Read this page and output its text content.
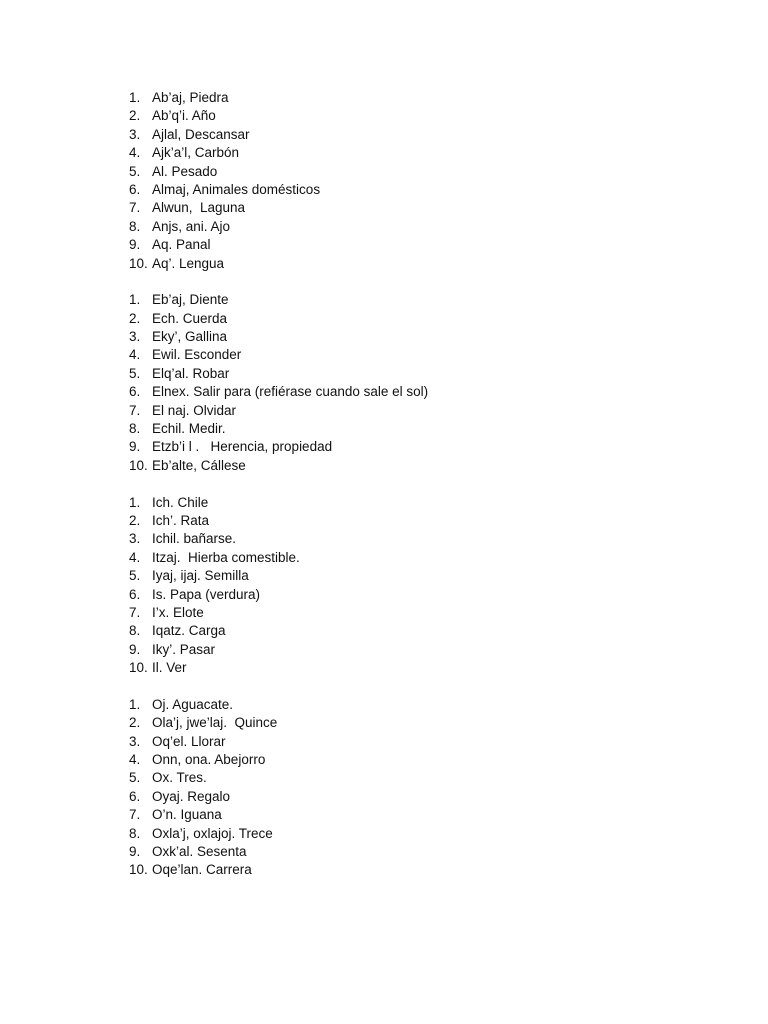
1. Ab’aj, Piedra
2. Ab’q’i. Año
3. Ajlal, Descansar
4. Ajk’a’l, Carbón
5. Al. Pesado
6. Almaj, Animales domésticos
7. Alwun,  Laguna
8. Anjs, ani. Ajo
9. Aq. Panal
10. Aq’. Lengua
1. Eb’aj, Diente
2. Ech. Cuerda
3. Eky’, Gallina
4. Ewil. Esconder
5. Elq’al. Robar
6. Elnex. Salir para (refiérase cuando sale el sol)
7. El naj. Olvidar
8. Echil. Medir.
9. Etzb’i l .   Herencia, propiedad
10. Eb’alte, Cállese
1. Ich. Chile
2. Ich’. Rata
3. Ichil. bañarse.
4. Itzaj.  Hierba comestible.
5. Iyaj, ijaj. Semilla
6. Is. Papa (verdura)
7. I’x. Elote
8. Iqatz. Carga
9. Iky’. Pasar
10. Il. Ver
1. Oj. Aguacate.
2. Ola’j, jwe’laj.  Quince
3. Oq’el. Llorar
4. Onn, ona. Abejorro
5. Ox. Tres.
6. Oyaj. Regalo
7. O’n. Iguana
8. Oxla’j, oxlajoj. Trece
9. Oxk’al. Sesenta
10. Oqe’lan. Carrera
